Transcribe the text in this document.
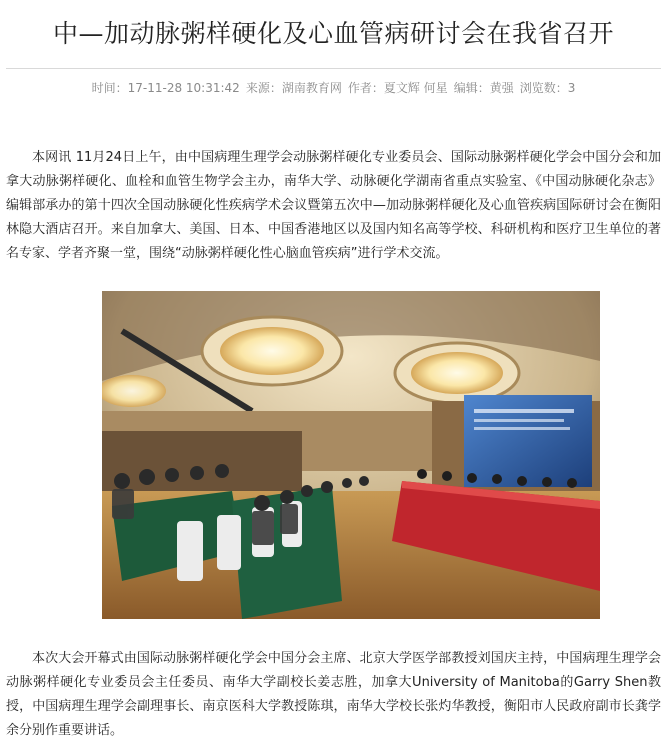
中—加动脉粥样硬化及心血管病研讨会在我省召开
时间：17-11-28 10:31:42 来源：湖南教育网 作者：夏文辉 何星 编辑：黄强 浏览数：3

本网讯 11月24日上午，由中国病理生理学会动脉粥样硬化专业委员会、国际动脉粥样硬化学会中国分会和加拿大动脉粥样硬化、血栓和血管生物学会主办，南华大学、动脉硬化学湖南省重点实验室、《中国动脉硬化杂志》编辑部承办的第十四次全国动脉硬化性疾病学术会议暨第五次中—加动脉粥样硬化及心血管疾病国际研讨会在衡阳林隐大酒店召开。来自加拿大、美国、日本、中国香港地区以及国内知名高等学校、科研机构和医疗卫生单位的著名专家、学者齐聚一堂，围绕“动脉粥样硬化性心脑血管疾病”进行学术交流。

本次大会开幕式由国际动脉粥样硬化学会中国分会主席、北京大学医学部教授刘国庆主持，中国病理生理学会动脉粥样硬化专业委员会主任委员、南华大学副校长姜志胜，加拿大University of Manitoba的Garry Shen教授，中国病理生理学会副理事长、南京医科大学教授陈琪，南华大学校长张灼华教授，衡阳市人民政府副市长龚学余分别作重要讲话。
